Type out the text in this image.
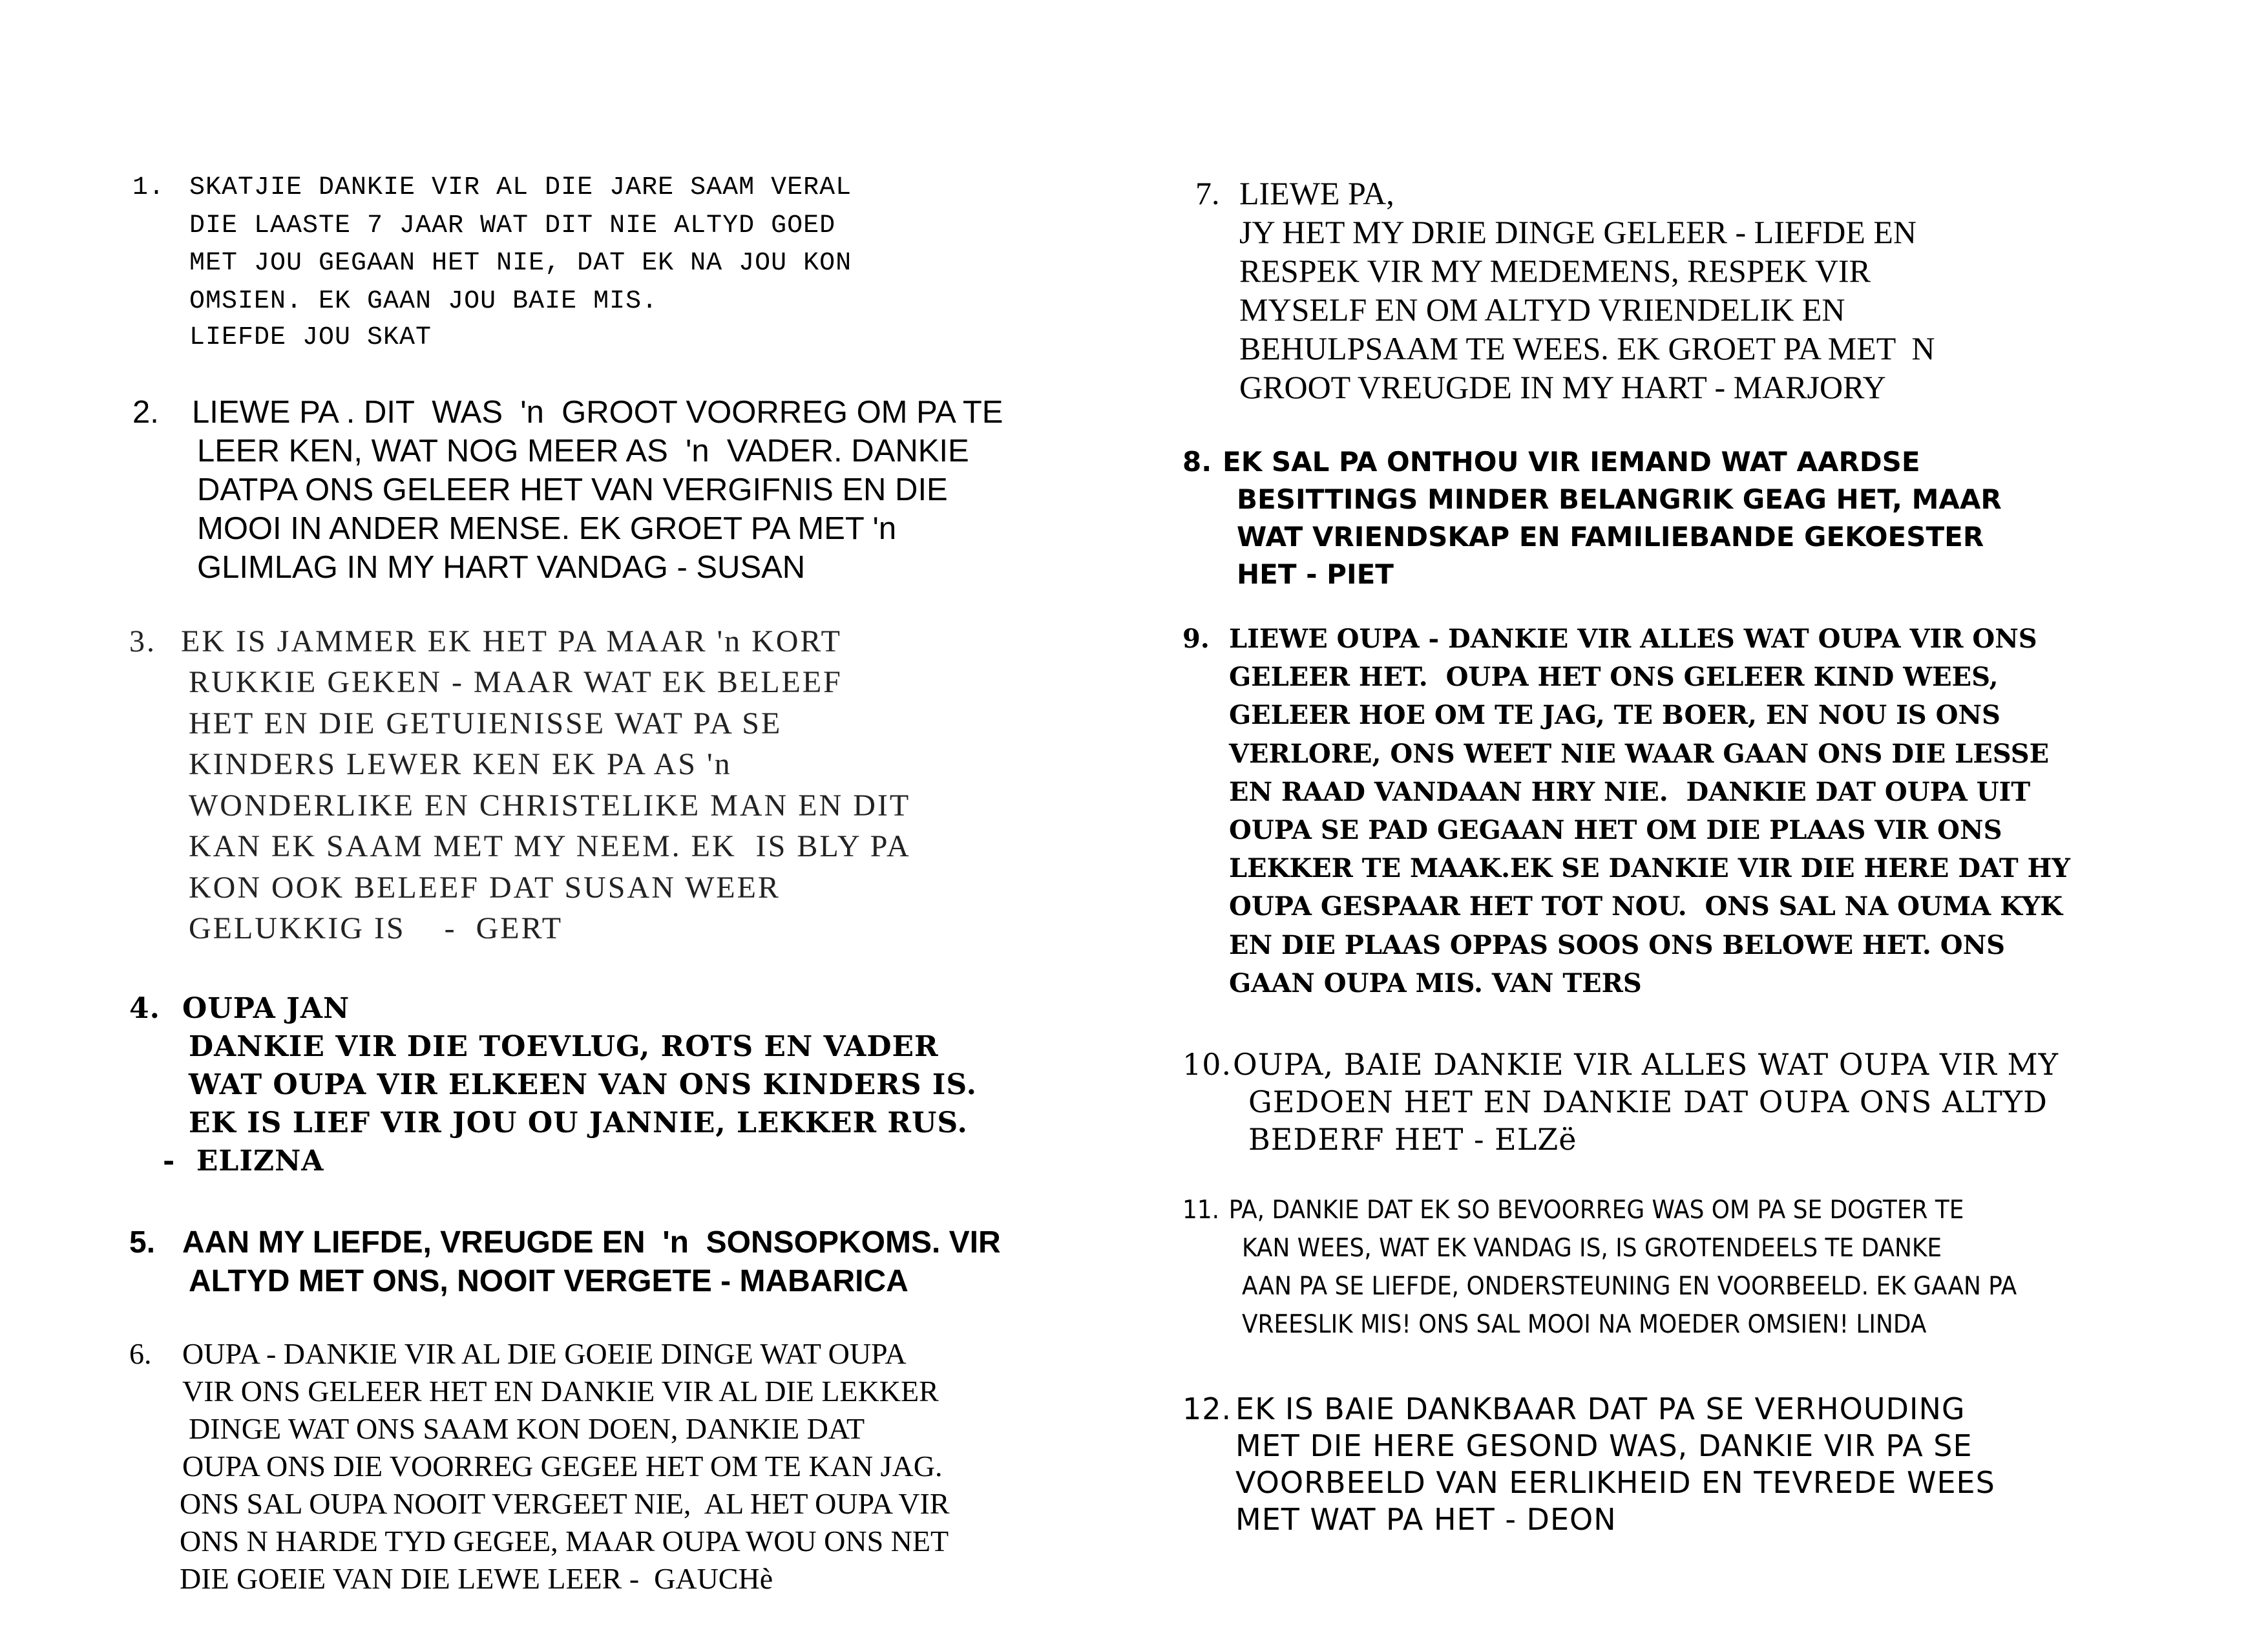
1. SKATJIE DANKIE VIR AL DIE JARE SAAM VERAL
DIE LAASTE 7 JAAR WAT DIT NIE ALTYD GOED
MET JOU GEGAAN HET NIE, DAT EK NA JOU KON
OMSIEN. EK GAAN JOU BAIE MIS.
LIEFDE JOU SKAT
2. LIEWE PA . DIT  WAS  'n  GROOT VOORREG OM PA TE
LEER KEN, WAT NOG MEER AS  'n  VADER. DANKIE
DATPA ONS GELEER HET VAN VERGIFNIS EN DIE
MOOI IN ANDER MENSE. EK GROET PA MET 'n
GLIMLAG IN MY HART VANDAG - SUSAN
3. EK IS JAMMER EK HET PA MAAR 'n KORT
RUKKIE GEKEN - MAAR WAT EK BELEEF
HET EN DIE GETUIENISSE WAT PA SE
KINDERS LEWER KEN EK PA AS 'n
WONDERLIKE EN CHRISTELIKE MAN EN DIT
KAN EK SAAM MET MY NEEM. EK  IS BLY PA
KON OOK BELEEF DAT SUSAN WEER
GELUKKIG IS    -  GERT
4. OUPA JAN
DANKIE VIR DIE TOEVLUG, ROTS EN VADER
WAT OUPA VIR ELKEEN VAN ONS KINDERS IS.
EK IS LIEF VIR JOU OU JANNIE, LEKKER RUS.
-  ELIZNA
5. AAN MY LIEFDE, VREUGDE EN  'n  SONSOPKOMS. VIR
ALTYD MET ONS, NOOIT VERGETE - MABARICA
6. OUPA - DANKIE VIR AL DIE GOEIE DINGE WAT OUPA
VIR ONS GELEER HET EN DANKIE VIR AL DIE LEKKER
DINGE WAT ONS SAAM KON DOEN, DANKIE DAT
OUPA ONS DIE VOORREG GEGEE HET OM TE KAN JAG.
ONS SAL OUPA NOOIT VERGEET NIE,  AL HET OUPA VIR
ONS N HARDE TYD GEGEE, MAAR OUPA WOU ONS NET
DIE GOEIE VAN DIE LEWE LEER -  GAUCHè
7. LIEWE PA,
JY HET MY DRIE DINGE GELEER - LIEFDE EN
RESPEK VIR MY MEDEMENS, RESPEK VIR
MYSELF EN OM ALTYD VRIENDELIK EN
BEHULPSAAM TE WEES. EK GROET PA MET  N
GROOT VREUGDE IN MY HART - MARJORY
8. EK SAL PA ONTHOU VIR IEMAND WAT AARDSE
BESITTINGS MINDER BELANGRIK GEAG HET, MAAR
WAT VRIENDSKAP EN FAMILIEBANDE GEKOESTER
HET - PIET
9. LIEWE OUPA - DANKIE VIR ALLES WAT OUPA VIR ONS
GELEER HET.  OUPA HET ONS GELEER KIND WEES,
GELEER HOE OM TE JAG, TE BOER, EN NOU IS ONS
VERLORE, ONS WEET NIE WAAR GAAN ONS DIE LESSE
EN RAAD VANDAAN HRY NIE.  DANKIE DAT OUPA UIT
OUPA SE PAD GEGAAN HET OM DIE PLAAS VIR ONS
LEKKER TE MAAK.EK SE DANKIE VIR DIE HERE DAT HY
OUPA GESPAAR HET TOT NOU.  ONS SAL NA OUMA KYK
EN DIE PLAAS OPPAS SOOS ONS BELOWE HET. ONS
GAAN OUPA MIS. VAN TERS
10. OUPA, BAIE DANKIE VIR ALLES WAT OUPA VIR MY
GEDOEN HET EN DANKIE DAT OUPA ONS ALTYD
BEDERF HET - ELZë
11. PA, DANKIE DAT EK SO BEVOORREG WAS OM PA SE DOGTER TE
KAN WEES, WAT EK VANDAG IS, IS GROTENDEELS TE DANKE
AAN PA SE LIEFDE, ONDERSTEUNING EN VOORBEELD. EK GAAN PA
VREESLIK MIS! ONS SAL MOOI NA MOEDER OMSIEN! LINDA
12. EK IS BAIE DANKBAAR DAT PA SE VERHOUDING
MET DIE HERE GESOND WAS, DANKIE VIR PA SE
VOORBEELD VAN EERLIKHEID EN TEVREDE WEES
MET WAT PA HET - DEON
